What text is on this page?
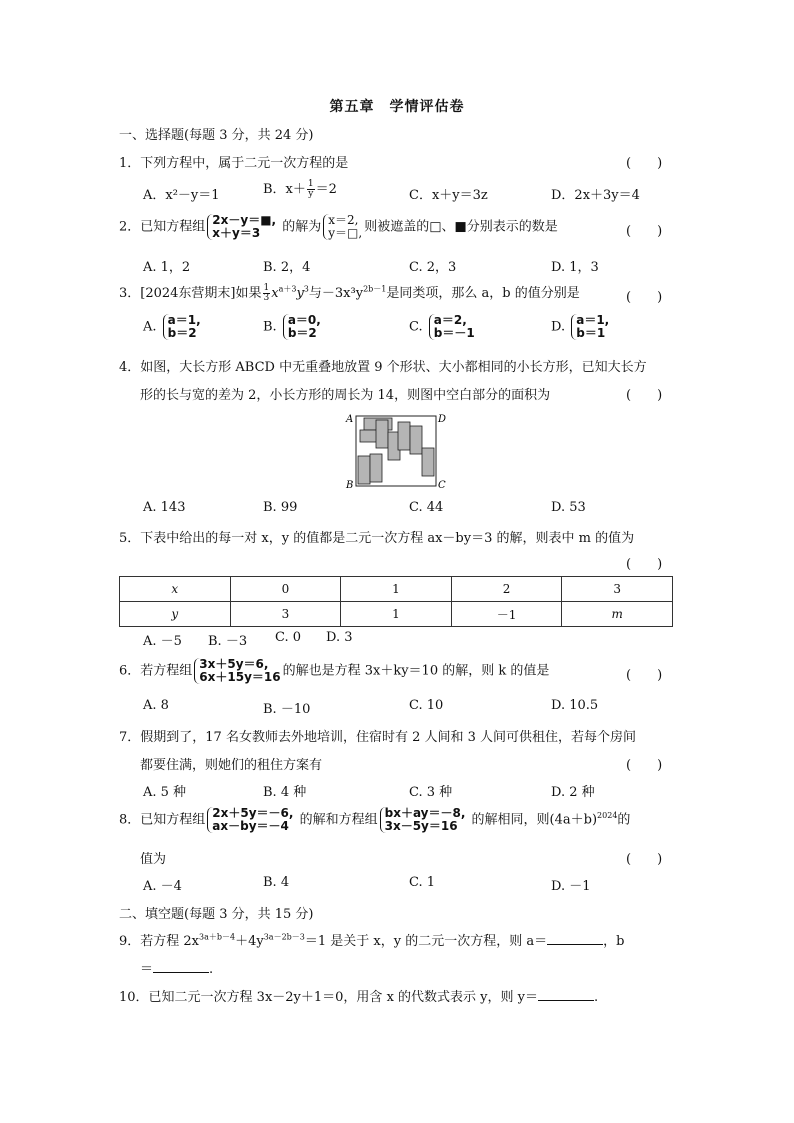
第五章　学情评估卷
一、选择题(每题 3 分，共 24 分)
1．下列方程中，属于二元一次方程的是	(　　)
A．x²－y＝1	B．$x+ \frac{1}{y} =2$	C．x＋y＝3z	D．2x＋3y＝4
2．已知方程组 2x－y＝■,
x＋y＝3	的解为 x＝2,
y＝□, 则被遮盖的□、■分别表示的数是	(　　)
A. 1，2	B. 2，4	C. 2，3	D. 1，3
3．[2024东营期末]如果 $\frac{1}{3} x^{a+3}y^3$与$-3x^3y^{2b-1}$是同类项，那么 a，b 的值分别是	(　　)
A. a＝1,
b＝2	B. a＝0,
b＝2	C. a＝2,
b＝－1	D. a＝1,
b＝1
4．如图，大长方形 ABCD 中无重叠地放置 9 个形状、大小都相同的小长方形，已知大长方
形的长与宽的差为 2，小长方形的周长为 14，则图中空白部分的面积为	(　　)
A	D
B	C
A. 143	B. 99	C. 44	D. 53
5．下表中给出的每一对 x，y 的值都是二元一次方程 ax－by＝3 的解，则表中 m 的值为
(　　)
x	0	1	2	3
y	3	1	－1	m
A. －5 B. －3 C. 0 D. 3
6．若方程组 3x＋5y＝6,
6x＋15y＝16 的解也是方程 3x＋ky＝10 的解，则 k 的值是	(　　)
A. 8	B. －10	C. 10	D. 10.5
7．假期到了，17 名女教师去外地培训，住宿时有 2 人间和 3 人间可供租住，若每个房间
都要住满，则她们的租住方案有	(　　)
A. 5 种	B. 4 种	C. 3 种	D. 2 种
8．已知方程组 2x＋5y＝－6,
ax－by＝－4 的解和方程组 bx＋ay＝－8,
3x－5y＝16	的解相同，则$(4a+b)^{2024}$的
值为	(　　)
A. －4	B. 4	C. 1	D. －1
二、填空题(每题 3 分，共 15 分)
9．若方程 $2x^{3a+b-4}+4y^{3a-2b-3}=1$ 是关于 x，y 的二元一次方程，则 a＝	，b
＝	.
10．已知二元一次方程 3x－2y＋1＝0，用含 x 的代数式表示 y，则 y＝	.
